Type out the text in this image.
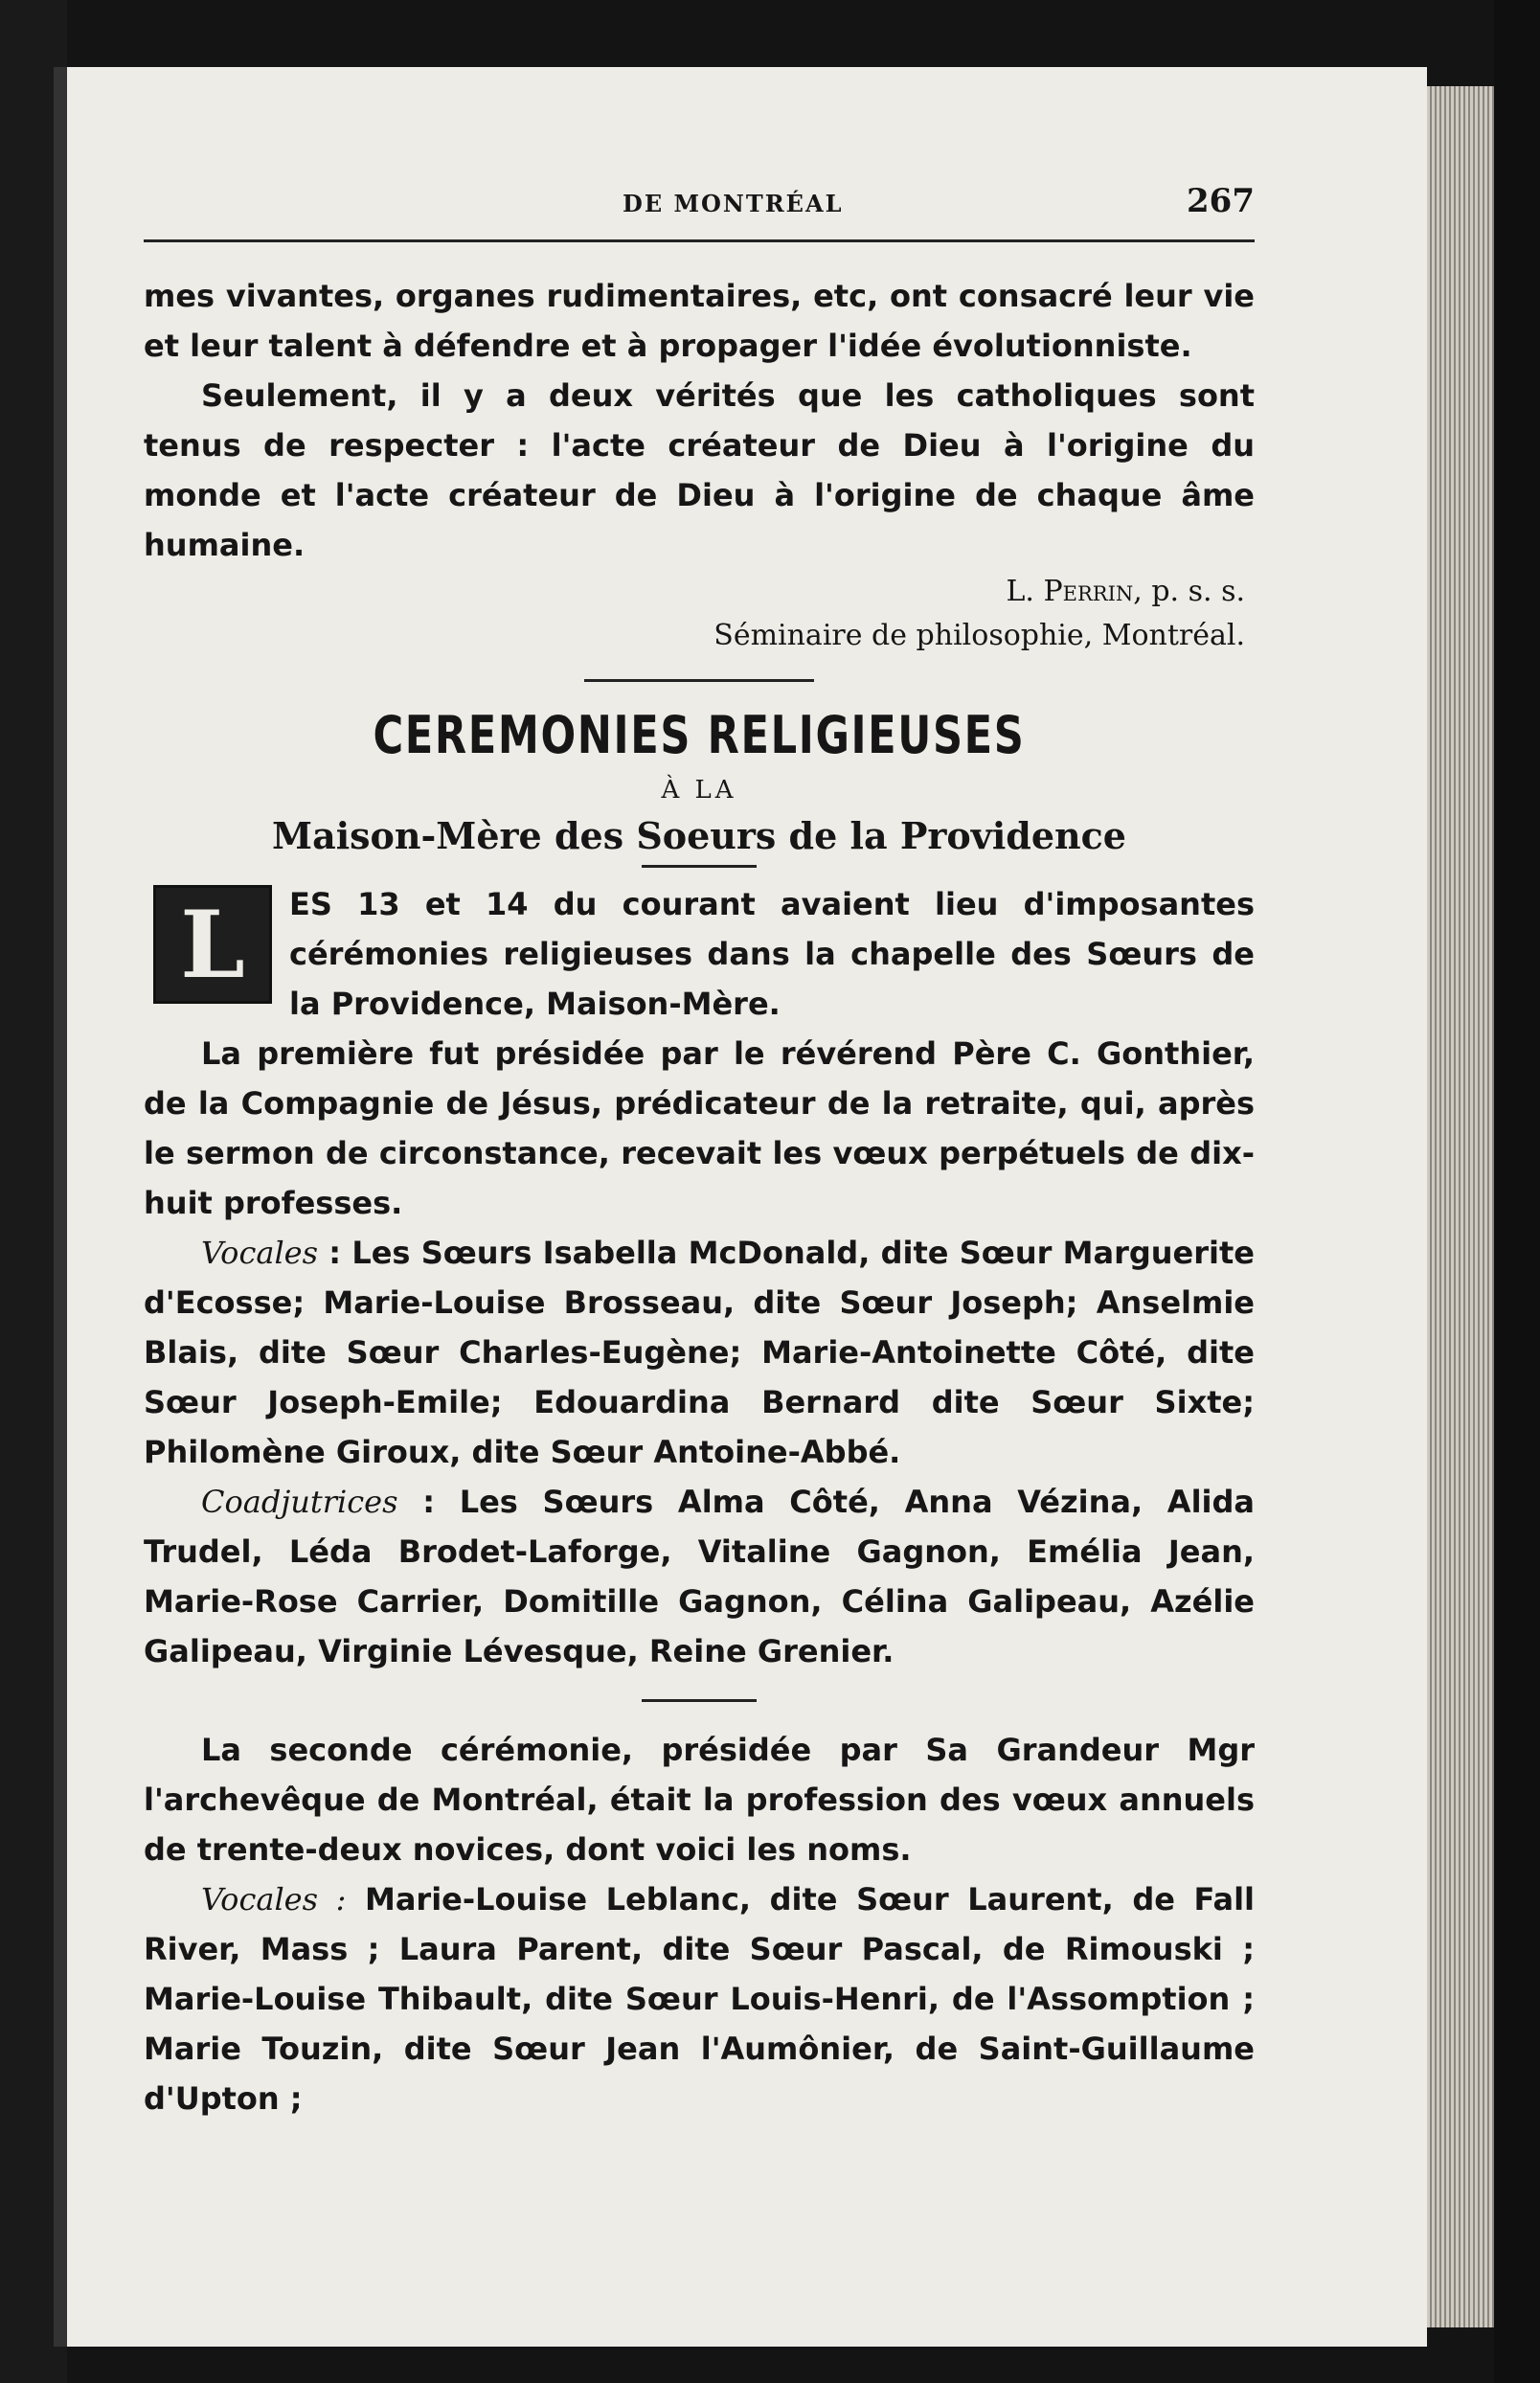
DE MONTRÉAL	267

mes vivantes, organes rudimentaires, etc, ont consacré leur vie et leur talent à défendre et à propager l'idée évolutionniste.

Seulement, il y a deux vérités que les catholiques sont tenus de respecter : l'acte créateur de Dieu à l'origine du monde et l'acte créateur de Dieu à l'origine de chaque âme humaine.

L. Perrin, p. s. s.
Séminaire de philosophie, Montréal.
CEREMONIES RELIGIEUSES
À LA
Maison-Mère des Soeurs de la Providence
L	ES 13 et 14 du courant avaient lieu d'imposantes cérémonies religieuses dans la chapelle des Sœurs de la Providence, Maison-Mère.

La première fut présidée par le révérend Père C. Gonthier, de la Compagnie de Jésus, prédicateur de la retraite, qui, après le sermon de circonstance, recevait les vœux perpétuels de dix-huit professes.

Vocales : Les Sœurs Isabella McDonald, dite Sœur Marguerite d'Ecosse; Marie-Louise Brosseau, dite Sœur Joseph; Anselmie Blais, dite Sœur Charles-Eugène; Marie-Antoinette Côté, dite Sœur Joseph-Emile; Edouardina Bernard dite Sœur Sixte; Philomène Giroux, dite Sœur Antoine-Abbé.

Coadjutrices : Les Sœurs Alma Côté, Anna Vézina, Alida Trudel, Léda Brodet-Laforge, Vitaline Gagnon, Emélia Jean, Marie-Rose Carrier, Domitille Gagnon, Célina Galipeau, Azélie Galipeau, Virginie Lévesque, Reine Grenier.

La seconde cérémonie, présidée par Sa Grandeur Mgr l'archevêque de Montréal, était la profession des vœux annuels de trente-deux novices, dont voici les noms.

Vocales : Marie-Louise Leblanc, dite Sœur Laurent, de Fall River, Mass ; Laura Parent, dite Sœur Pascal, de Rimouski ; Marie-Louise Thibault, dite Sœur Louis-Henri, de l'Assomption ; Marie Touzin, dite Sœur Jean l'Aumônier, de Saint-Guillaume d'Upton ;
